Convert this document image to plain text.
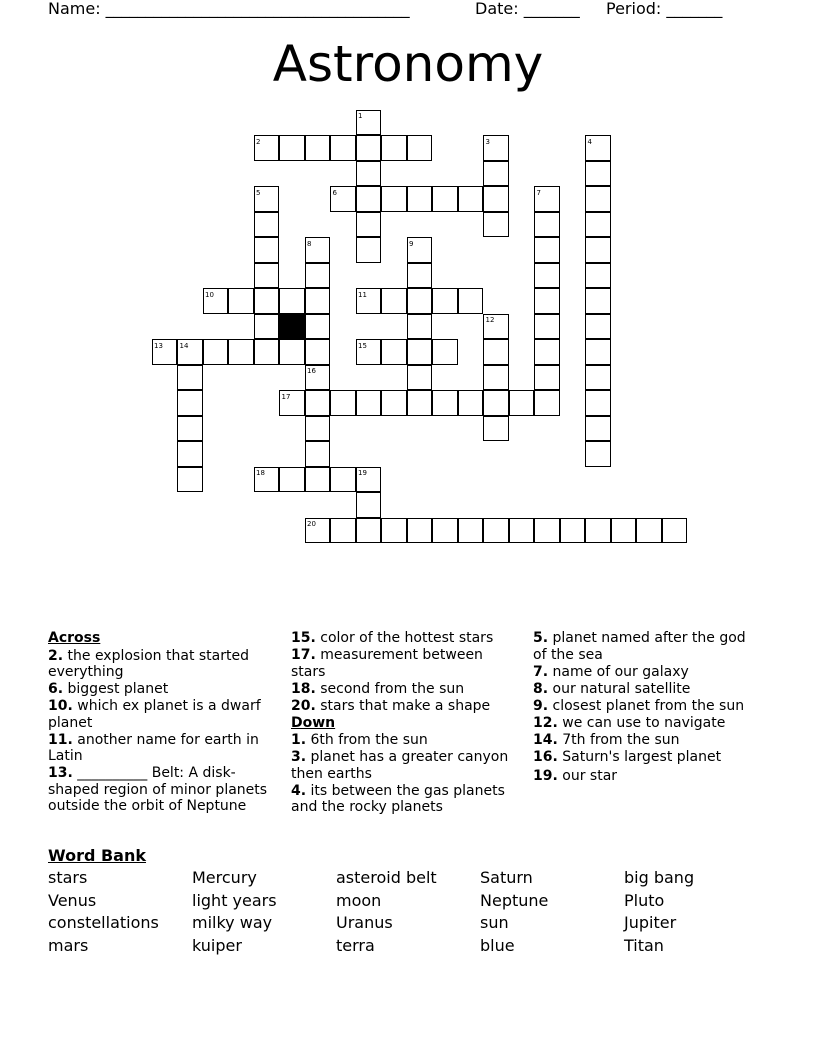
Name: ______________________________________

	Date: _______

Period: _______

Astronomy
1
2	3	4
5	6	7
8	9
10	11
12
13 14	15
16
17
18	19
20
Across
2. the explosion that started everything
6. biggest planet
10. which ex planet is a dwarf planet
11. another name for earth in Latin
13. __________ Belt: A disk-shaped region of minor planets outside the orbit of Neptune
15. color of the hottest stars
17. measurement between stars
18. second from the sun
20. stars that make a shape
Down
1. 6th from the sun
3. planet has a greater canyon then earths
4. its between the gas planets and the rocky planets
5. planet named after the god of the sea
7. name of our galaxy
8. our natural satellite
9. closest planet from the sun
12. we can use to navigate
14. 7th from the sun
16. Saturn's largest planet
19. our star
Word Bank
stars
Venus
constellations
mars
Mercury
light years
milky way
kuiper
asteroid belt
moon
Uranus
terra
Saturn
Neptune
sun
blue
big bang
Pluto
Jupiter
Titan
